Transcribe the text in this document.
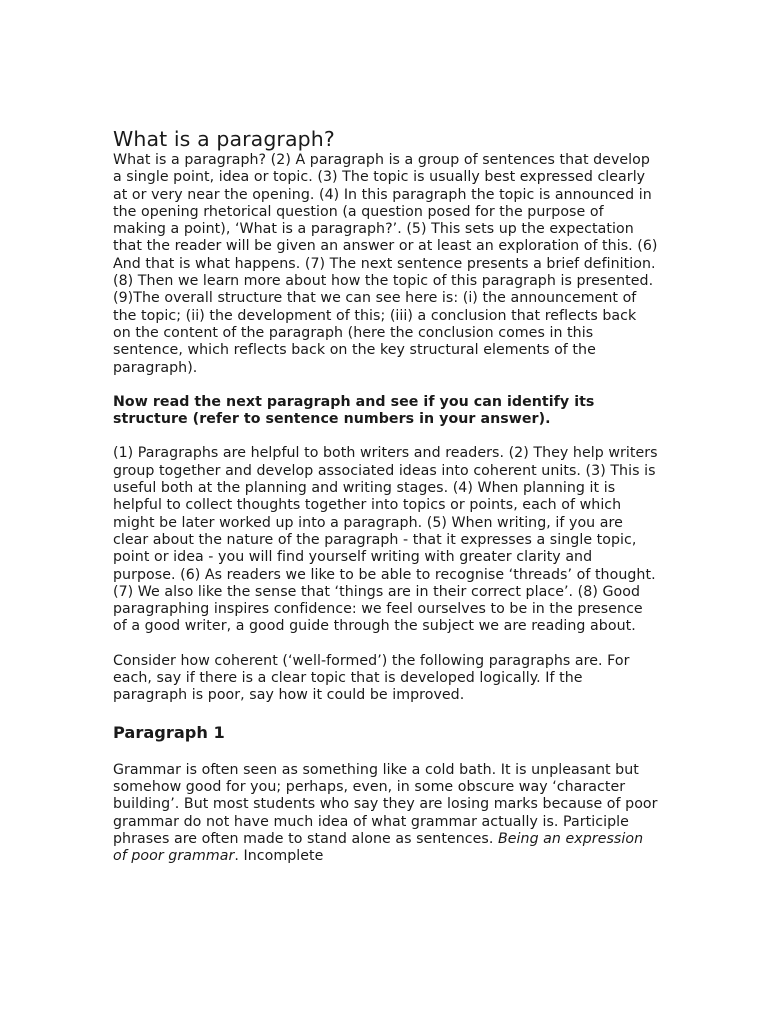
What is a paragraph?

What is a paragraph? (2) A paragraph is a group of sentences that develop a single point, idea or topic. (3) The topic is usually best expressed clearly at or very near the opening. (4) In this paragraph the topic is announced in the opening rhetorical question (a question posed for the purpose of making a point), ‘What is a paragraph?’. (5) This sets up the expectation that the reader will be given an answer or at least an exploration of this. (6) And that is what happens. (7) The next sentence presents a brief definition. (8) Then we learn more about how the topic of this paragraph is presented. (9)The overall structure that we can see here is: (i) the announcement of the topic; (ii) the development of this; (iii) a conclusion that reflects back on the content of the paragraph (here the conclusion comes in this sentence, which reflects back on the key structural elements of the paragraph).

Now read the next paragraph and see if you can identify its structure (refer to sentence numbers in your answer).

(1) Paragraphs are helpful to both writers and readers. (2) They help writers group together and develop associated ideas into coherent units. (3) This is useful both at the planning and writing stages. (4) When planning it is helpful to collect thoughts together into topics or points, each of which might be later worked up into a paragraph. (5) When writing, if you are clear about the nature of the paragraph - that it expresses a single topic, point or idea - you will find yourself writing with greater clarity and purpose. (6) As readers we like to be able to recognise ‘threads’ of thought. (7) We also like the sense that ‘things are in their correct place’. (8) Good paragraphing inspires confidence: we feel ourselves to be in the presence of a good writer, a good guide through the subject we are reading about.

Consider how coherent (‘well-formed’) the following paragraphs are. For each, say if there is a clear topic that is developed logically. If the paragraph is poor, say how it could be improved.

Paragraph 1

Grammar is often seen as something like a cold bath. It is unpleasant but somehow good for you; perhaps, even, in some obscure way ‘character building’. But most students who say they are losing marks because of poor grammar do not have much idea of what grammar actually is. Participle phrases are often made to stand alone as sentences. Being an expression of poor grammar. Incomplete
